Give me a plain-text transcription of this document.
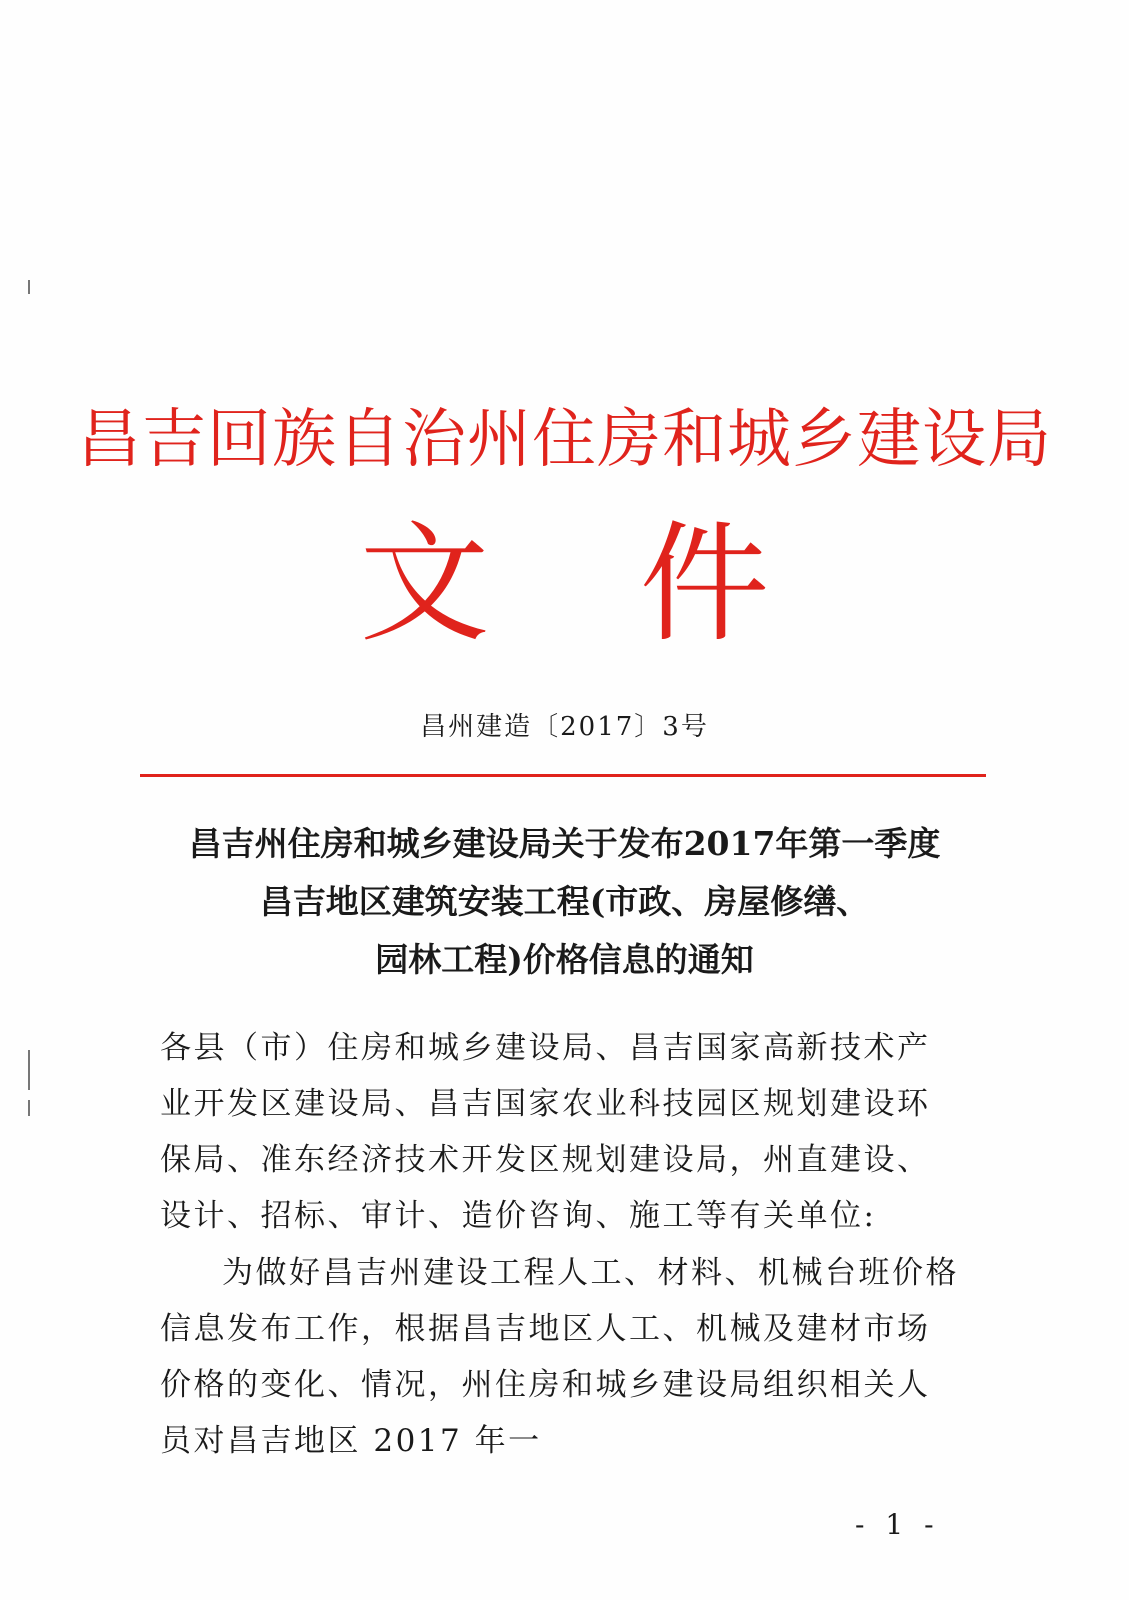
昌吉回族自治州住房和城乡建设局
文件
昌州建造〔2017〕3号
昌吉州住房和城乡建设局关于发布2017年第一季度
昌吉地区建筑安装工程(市政、房屋修缮、
园林工程)价格信息的通知

各县（市）住房和城乡建设局、昌吉国家高新技术产业开发区建设局、昌吉国家农业科技园区规划建设环保局、准东经济技术开发区规划建设局，州直建设、设计、招标、审计、造价咨询、施工等有关单位:

为做好昌吉州建设工程人工、材料、机械台班价格信息发布工作，根据昌吉地区人工、机械及建材市场价格的变化、情况，州住房和城乡建设局组织相关人员对昌吉地区 2017 年一

- 1 -
